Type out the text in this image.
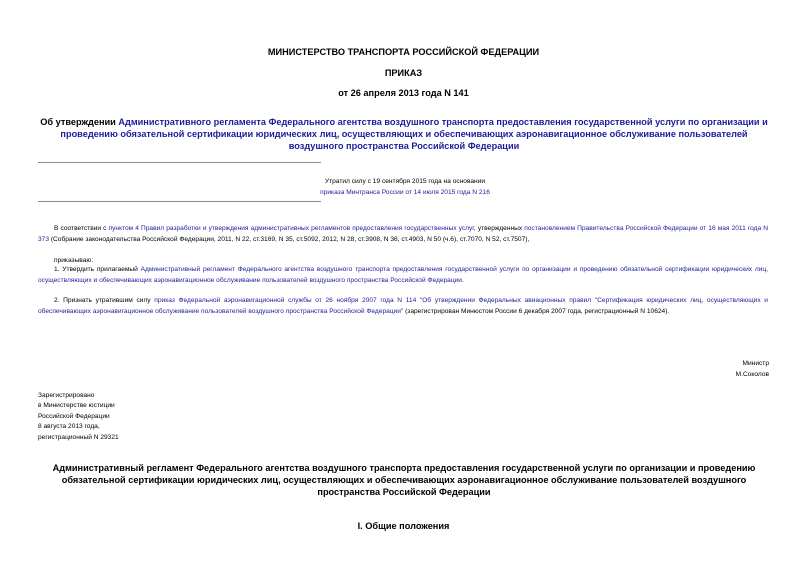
МИНИСТЕРСТВО ТРАНСПОРТА РОССИЙСКОЙ ФЕДЕРАЦИИ
ПРИКАЗ
от 26 апреля 2013 года N 141
Об утверждении Административного регламента Федерального агентства воздушного транспорта предоставления государственной услуги по организации и проведению обязательной сертификации юридических лиц, осуществляющих и обеспечивающих аэронавигационное обслуживание пользователей воздушного пространства Российской Федерации
Утратил силу с 19 сентября 2015 года на основании
приказа Минтранса России от 14 июля 2015 года N 216
В соответствии с пунктом 4 Правил разработки и утверждения административных регламентов предоставления государственных услуг, утвержденных постановлением Правительства Российской Федерации от 16 мая 2011 года N 373 (Собрание законодательства Российской Федерации, 2011, N 22, ст.3169, N 35, ст.5092, 2012, N 28, ст.3908, N 36, ст.4903, N 50 (ч.6), ст.7070, N 52, ст.7507),
приказываю:
1. Утвердить прилагаемый Административный регламент Федерального агентства воздушного транспорта предоставления государственной услуги по организации и проведению обязательной сертификации юридических лиц, осуществляющих и обеспечивающих аэронавигационное обслуживание пользователей воздушного пространства Российской Федерации.
2. Признать утратившим силу приказ Федеральной аэронавигационной службы от 26 ноября 2007 года N 114 "Об утверждении Федеральных авиационных правил "Сертификация юридических лиц, осуществляющих и обеспечивающих аэронавигационное обслуживание пользователей воздушного пространства Российской Федерации" (зарегистрирован Минюстом России 6 декабря 2007 года, регистрационный N 10624).
Министр
М.Соколов
Зарегистрировано
в Министерстве юстиции
Российской Федерации
8 августа 2013 года,
регистрационный N 29321
Административный регламент Федерального агентства воздушного транспорта предоставления государственной услуги по организации и проведению обязательной сертификации юридических лиц, осуществляющих и обеспечивающих аэронавигационное обслуживание пользователей воздушного пространства Российской Федерации
I. Общие положения
